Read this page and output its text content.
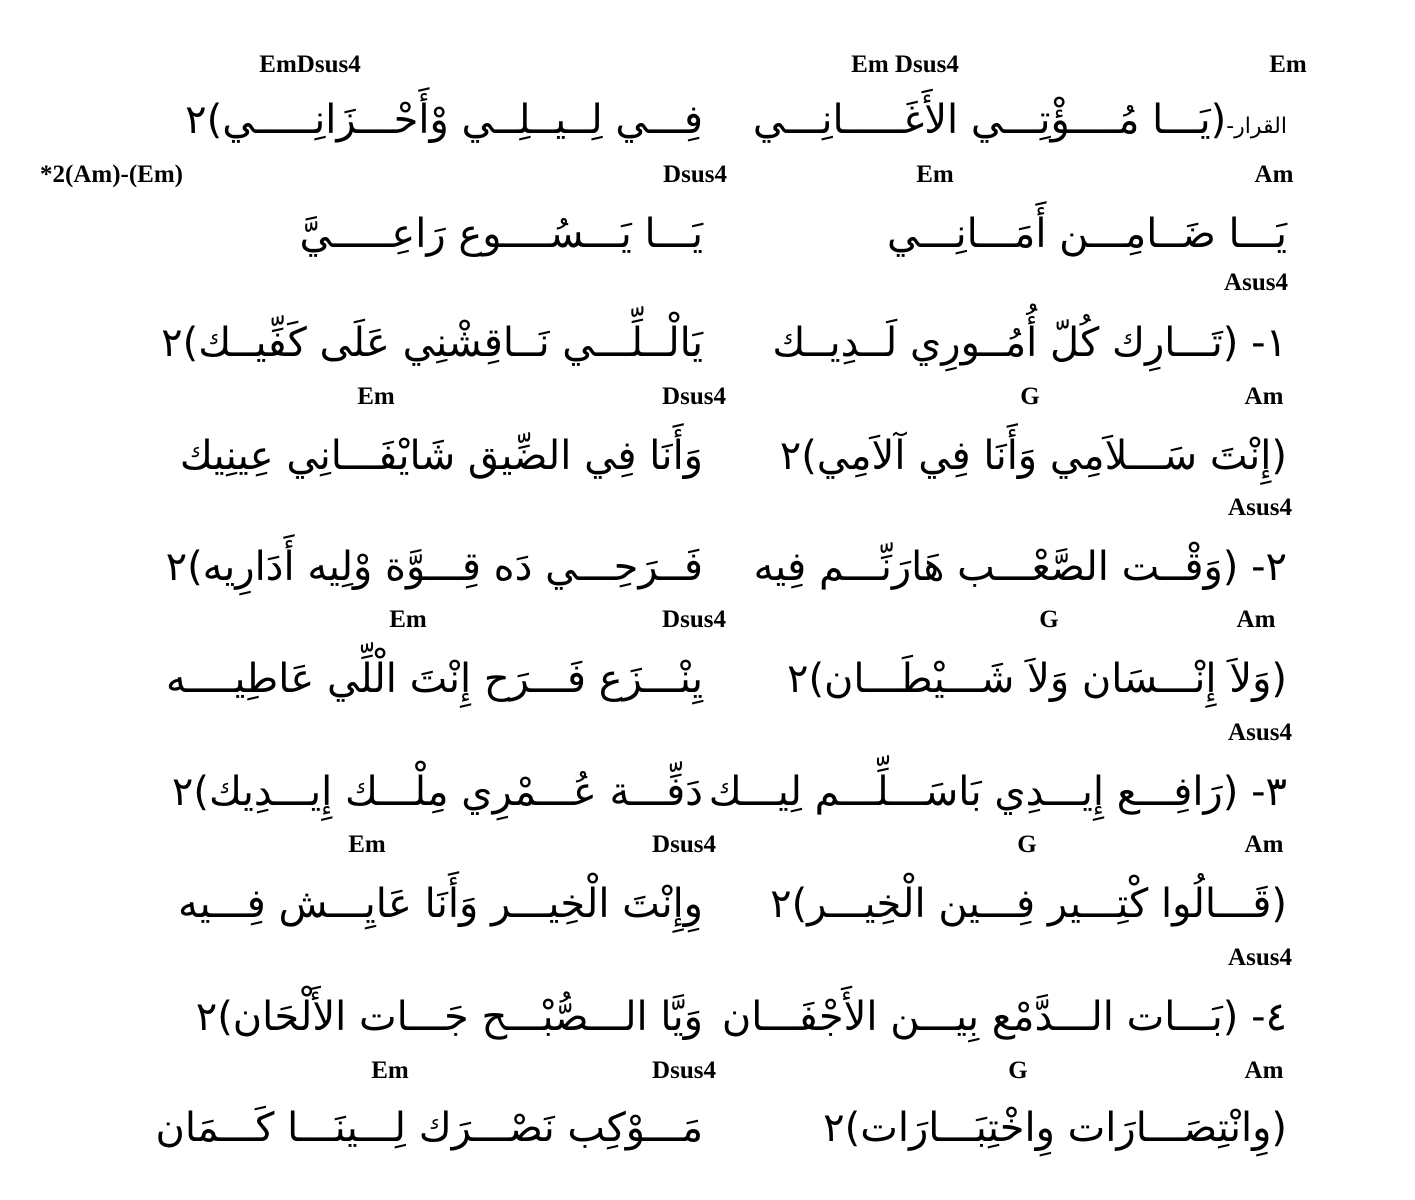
EmDsus4	Em Dsus4	Em
القرار-(يَـــا مُــــؤْتِـــي الأَغَـــــانِـــي
فِـــي لِــيــلِــي وْأَحْـــزَانِـــــي)٢
*2(Am)-(Em)	Dsus4	Em	Am
يَـــا ضَــامِـــن أَمَـــانِـــي
يَـــا يَـــسُــــوع رَاعِـــــيَّ
Asus4
١- (تَـــارِك كُلّ أُمُــورِي لَــدِيــك
يَالْــلِّـــي نَــاقِشْنِي عَلَى كَفِّيــك)٢
Em	Dsus4	G	Am
(إِنْتَ سَـــلاَمِي وَأَنَا فِي آلاَمِي)٢
وَأَنَا فِي الضِّيق شَايْفَـــانِي عِينِيك
Asus4
٢- (وَقْــت الصَّعْـــب هَارَنِّـــم فِيه
فَــرَحِـــي دَه قِـــوَّة وْلِيه أَدَارِيه)٢
Em	Dsus4	G	Am
(وَلاَ إِنْـــسَان وَلاَ شَـــيْطَـــان)٢
يِنْـــزَع فَـــرَح إِنْتَ الْلِّي عَاطِيــــه
Asus4
٣- (رَافِـــع إِيـــدِي بَاسَـــلِّـــم لِيـــك
دَفِّـــة عُـــمْرِي مِلْـــك إِيـــدِيك)٢
Em	Dsus4	G	Am
(قَـــالُوا كْتِـــير فِـــين الْخِيـــر)٢
وِإِنْتَ الْخِيـــر وَأَنَا عَايِـــش فِـــيه
Asus4
٤- (بَـــات الـــدَّمْع بِيـــن الأَجْفَـــان
وَيَّا الـــصُّبْـــح جَـــات الأَلْحَان)٢
Em	Dsus4	G	Am
(وِانْتِصَـــارَات وِاخْتِبَـــارَات)٢
مَـــوْكِب نَصْـــرَك لِـــينَـــا كَـــمَان
